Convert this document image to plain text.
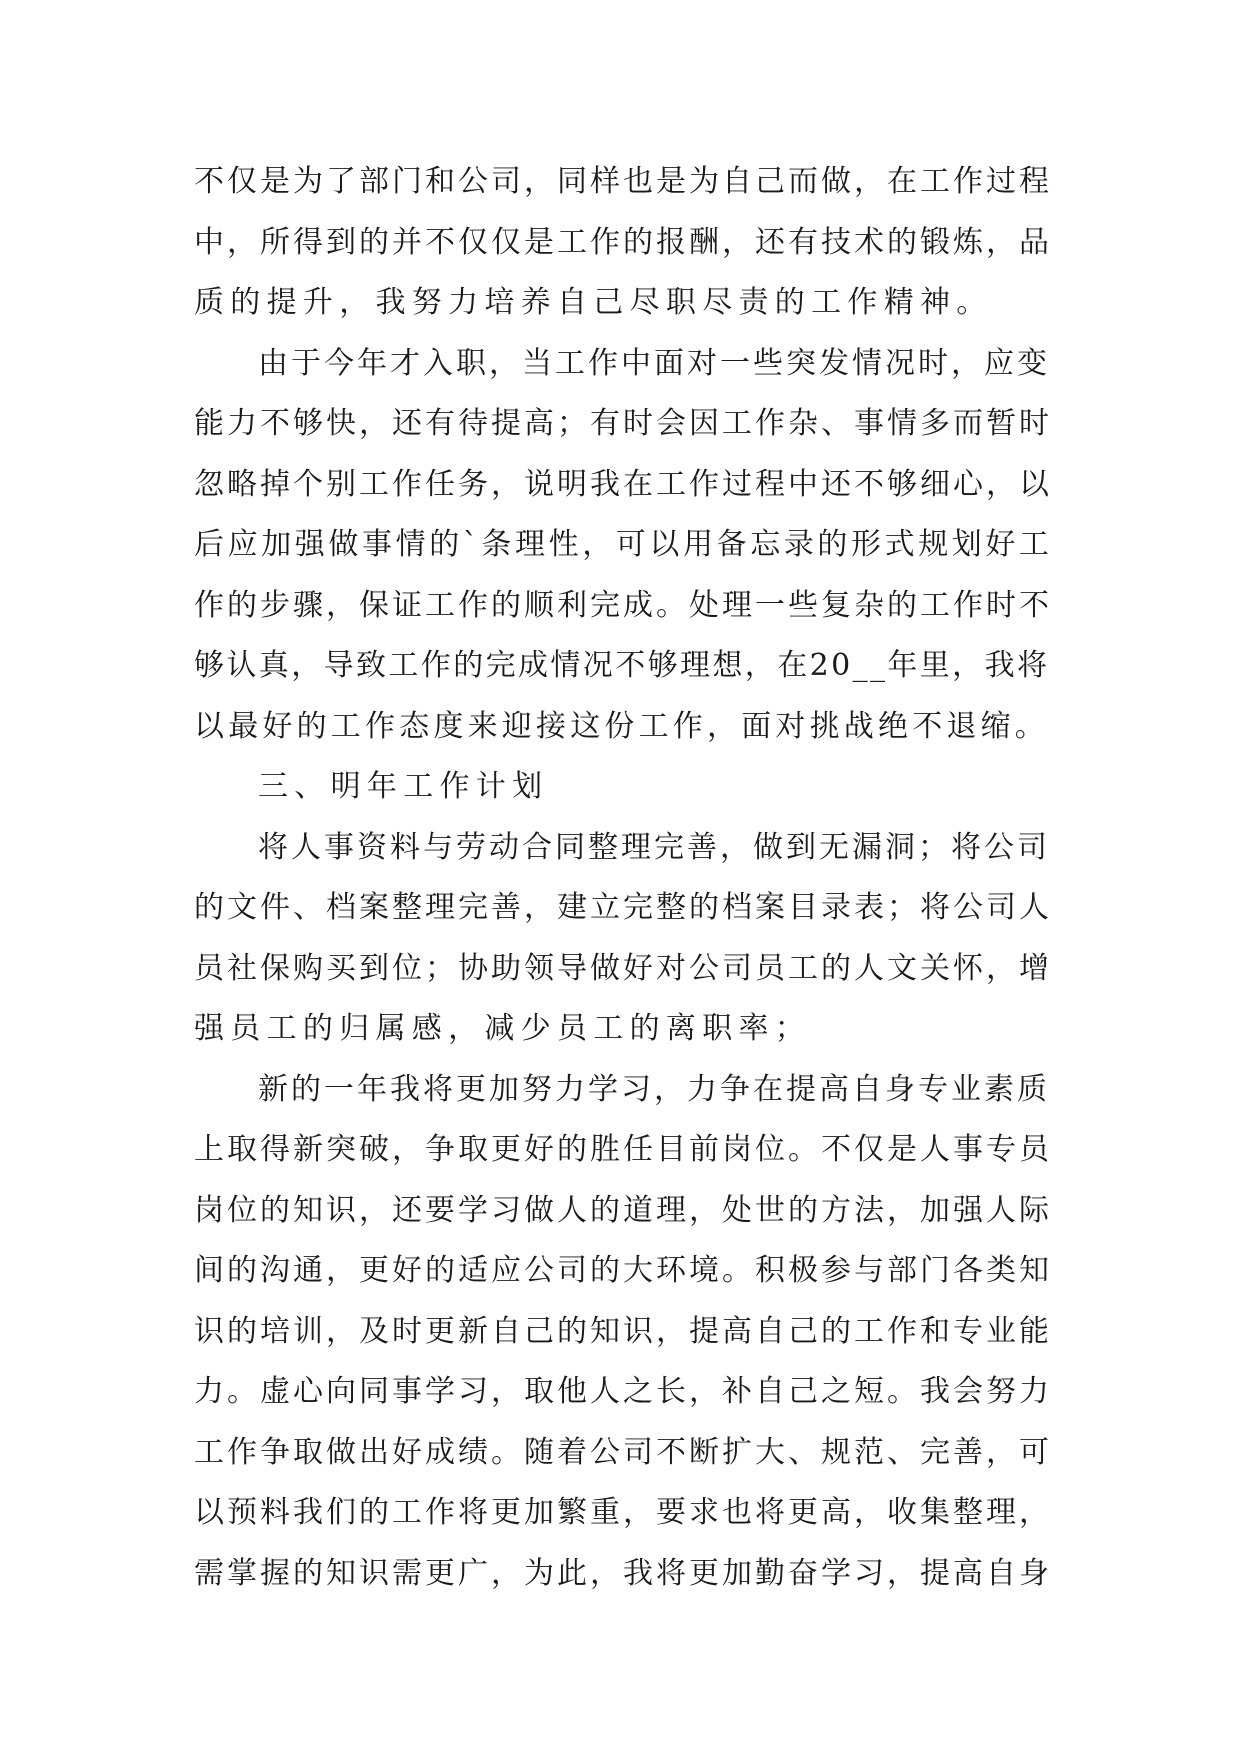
不仅是为了部门和公司，同样也是为自己而做，在工作过程
中，所得到的并不仅仅是工作的报酬，还有技术的锻炼，品
质的提升，我努力培养自己尽职尽责的工作精神。
由于今年才入职，当工作中面对一些突发情况时，应变
能力不够快，还有待提高；有时会因工作杂、事情多而暂时
忽略掉个别工作任务，说明我在工作过程中还不够细心，以
后应加强做事情的`条理性，可以用备忘录的形式规划好工
作的步骤，保证工作的顺利完成。处理一些复杂的工作时不
够认真，导致工作的完成情况不够理想，在20__年里，我将
以最好的工作态度来迎接这份工作，面对挑战绝不退缩。
三、明年工作计划
将人事资料与劳动合同整理完善，做到无漏洞；将公司
的文件、档案整理完善，建立完整的档案目录表；将公司人
员社保购买到位；协助领导做好对公司员工的人文关怀，增
强员工的归属感，减少员工的离职率；
新的一年我将更加努力学习，力争在提高自身专业素质
上取得新突破，争取更好的胜任目前岗位。不仅是人事专员
岗位的知识，还要学习做人的道理，处世的方法，加强人际
间的沟通，更好的适应公司的大环境。积极参与部门各类知
识的培训，及时更新自己的知识，提高自己的工作和专业能
力。虚心向同事学习，取他人之长，补自己之短。我会努力
工作争取做出好成绩。随着公司不断扩大、规范、完善，可
以预料我们的工作将更加繁重，要求也将更高，收集整理，
需掌握的知识需更广，为此，我将更加勤奋学习，提高自身
